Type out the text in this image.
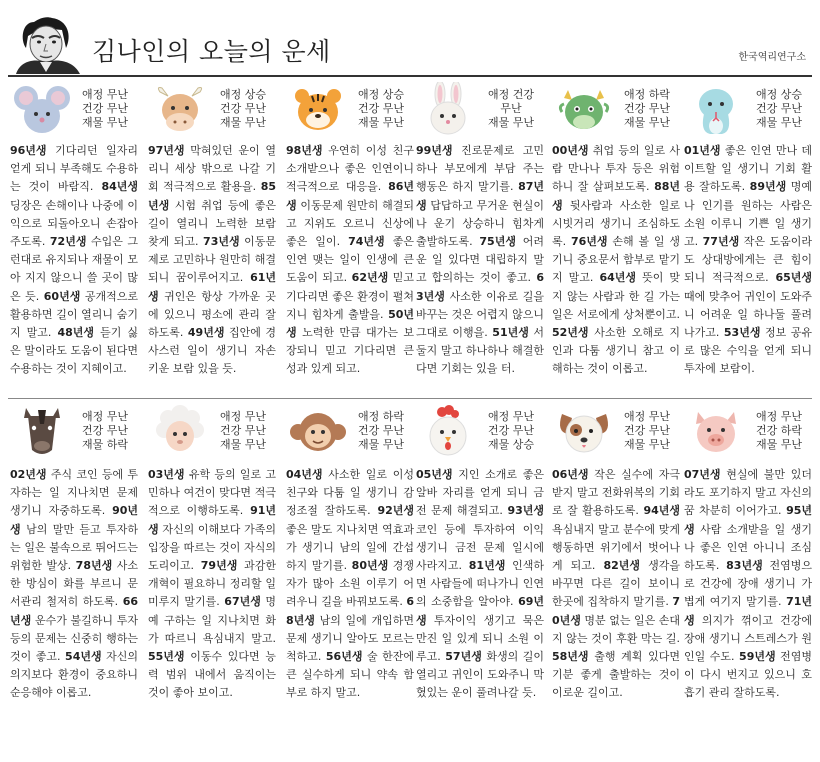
김나인의 오늘의 운세	한국역리연구소
애정 무난
건강 무난
재물 무난
96년생 기다리던 일자리 얻게 되니 부족해도 수용하는 것이 바람직. 84년생 딩장은 손해이나 나중에 이익으로 되돌아오니 손잡아 주도록. 72년생 수입은 그런대로 유지되나 재물이 모아 지지 않으니 쓸 곳이 많은 듯. 60년생 공개적으로 활용하면 길이 열리니 숨기지 말고. 48년생 듣기 싫은 말이라도 도움이 된다면 수용하는 것이 지혜이고.
애정 상승
건강 무난
재물 무난
97년생 막혀있던 운이 열리니 세상 밖으로 나갈 기회 적극적으로 활용을. 85년생 시험 취업 등에 좋은 길이 열리니 노력한 보람 찾게 되고. 73년생 이동문제로 고민하나 원만히 해결되니 꿈이루어지고. 61년생 귀인은 항상 가까운 곳에 있으니 평소에 관리 잘하도록. 49년생 집안에 경사스런 일이 생기니 자손 키운 보람 있을 듯.
애정 상승
건강 무난
재물 무난
98년생 우연히 이성 친구 소개받으나 좋은 인연이니 적극적으로 대응을. 86년생 이동문제 원만히 해결되고 지위도 오르니 신상에 좋은 일이. 74년생 좋은 인연 맺는 일이 인생에 큰 도움이 되고. 62년생 믿고 기다리면 좋은 환경이 펼쳐지니 힘차게 출발을. 50년생 노력한 만큼 대가는 보장되니 믿고 기다리면 큰 성과 있게 되고.
애정 건강
무난
재물 무난
99년생 진로문제로 고민하나 부모에게 부담 주는 행동은 하지 말기를. 87년생 답답하고 무거운 현실이나 운기 상승하니 힘차게 출발하도록. 75년생 어려운 일 있다면 대립하지 말고 합의하는 것이 좋고. 63년생 사소한 이유로 길을 바꾸는 것은 어렵지 않으니 그대로 이행을. 51년생 서둘지 말고 하나하나 해결한다면 기회는 있을 터.
애정 하락
건강 무난
재물 무난
00년생 취업 등의 일로 사람 만나나 투자 등은 위험하니 잘 살펴보도록. 88년생 뒷사람과 사소한 일로 시빗거리 생기니 조심하도록. 76년생 손해 볼 일 생기니 중요문서 함부로 맡기지 말고. 64년생 뜻이 맞지 않는 사람과 한 길 가는 일은 서로에게 상처뿐이고. 52년생 사소한 오해로 지인과 다툼 생기니 참고 이해하는 것이 이롭고.
애정 상승
건강 무난
재물 무난
01년생 좋은 인연 만나 데이트할 일 생기니 기회 활용 잘하도록. 89년생 명예나 인기를 원하는 사람은 소원 이루니 기쁜 일 생기고. 77년생 작은 도움이라도 상대방에게는 큰 힘이 되니 적극적으로. 65년생 때에 맞추어 귀인이 도와주니 어려운 일 하나둘 풀려나가고. 53년생 정보 공유로 많은 수익을 얻게 되니 투자에 보람이.
애정 무난
건강 무난
재물 하락
02년생 주식 코인 등에 투자하는 일 지나치면 문제 생기니 자중하도록. 90년생 남의 말만 듣고 투자하는 일은 불속으로 뛰어드는 위험한 발상. 78년생 사소한 방심이 화를 부르니 문서관리 철저히 하도록. 66년생 운수가 불길하니 투자 등의 문제는 신중히 행하는 것이 좋고. 54년생 자신의 의지보다 환경이 중요하니 순응해야 이롭고.
애정 무난
건강 무난
재물 무난
03년생 유학 등의 일로 고민하나 여건이 맞다면 적극적으로 이행하도록. 91년생 자신의 이해보다 가족의 입장을 따르는 것이 자식의 도리이고. 79년생 과감한 개혁이 필요하니 정리할 일 미루지 말기를. 67년생 명예 구하는 일 지나치면 화가 따르니 욕심내지 말고. 55년생 이동수 있다면 능력 범위 내에서 움직이는 것이 좋아 보이고.
애정 하락
건강 무난
재물 무난
04년생 사소한 일로 이성 친구와 다툼 일 생기니 감정조절 잘하도록. 92년생 좋은 말도 지나치면 역효과가 생기니 남의 일에 간섭하지 말기를. 80년생 경쟁자가 많아 소원 이루기 어려우니 길을 바꿔보도록. 68년생 남의 일에 개입하면 문제 생기니 알아도 모르는 척하고. 56년생 술 한잔에 큰 실수하게 되니 약속 함부로 하지 말고.
애정 무난
건강 무난
재물 상승
05년생 지인 소개로 좋은 알바 자리를 얻게 되니 금전 문제 해결되고. 93년생 코인 등에 투자하여 이익 생기니 금전 문제 일시에 사라지고. 81년생 인색하면 사람들에 떠나가니 인연의 소중함을 알아야. 69년생 투자이익 생기고 묵은 만진 일 있게 되니 소원 이루고. 57년생 화생의 길이 열리고 귀인이 도와주니 막혔있는 운이 풀려나갈 듯.
애정 무난
건강 무난
재물 무난
06년생 작은 실수에 자극받지 말고 전화위복의 기회로 잘 활용하도록. 94년생 욕심내지 말고 분수에 맞게 행동하면 위기에서 벗어나게 되고. 82년생 생각을 바꾸면 다른 길이 보이니 한곳에 집착하지 말기를. 70년생 명분 없는 일은 손대지 않는 것이 후환 막는 길. 58년생 출행 계획 있다면 기분 좋게 출발하는 것이 이로운 길이고.
애정 무난
건강 하락
재물 무난
07년생 현실에 불만 있더라도 포기하지 말고 자신의 꿈 차분히 이어가고. 95년생 사람 소개받을 일 생기나 좋은 인연 아니니 조심하도록. 83년생 전염병으로 건강에 장애 생기니 가볍게 여기지 말기를. 71년생 의지가 꺾이고 건강에 장애 생기니 스트레스가 원인일 수도. 59년생 전염병이 다시 번지고 있으니 호흡기 관리 잘하도록.
